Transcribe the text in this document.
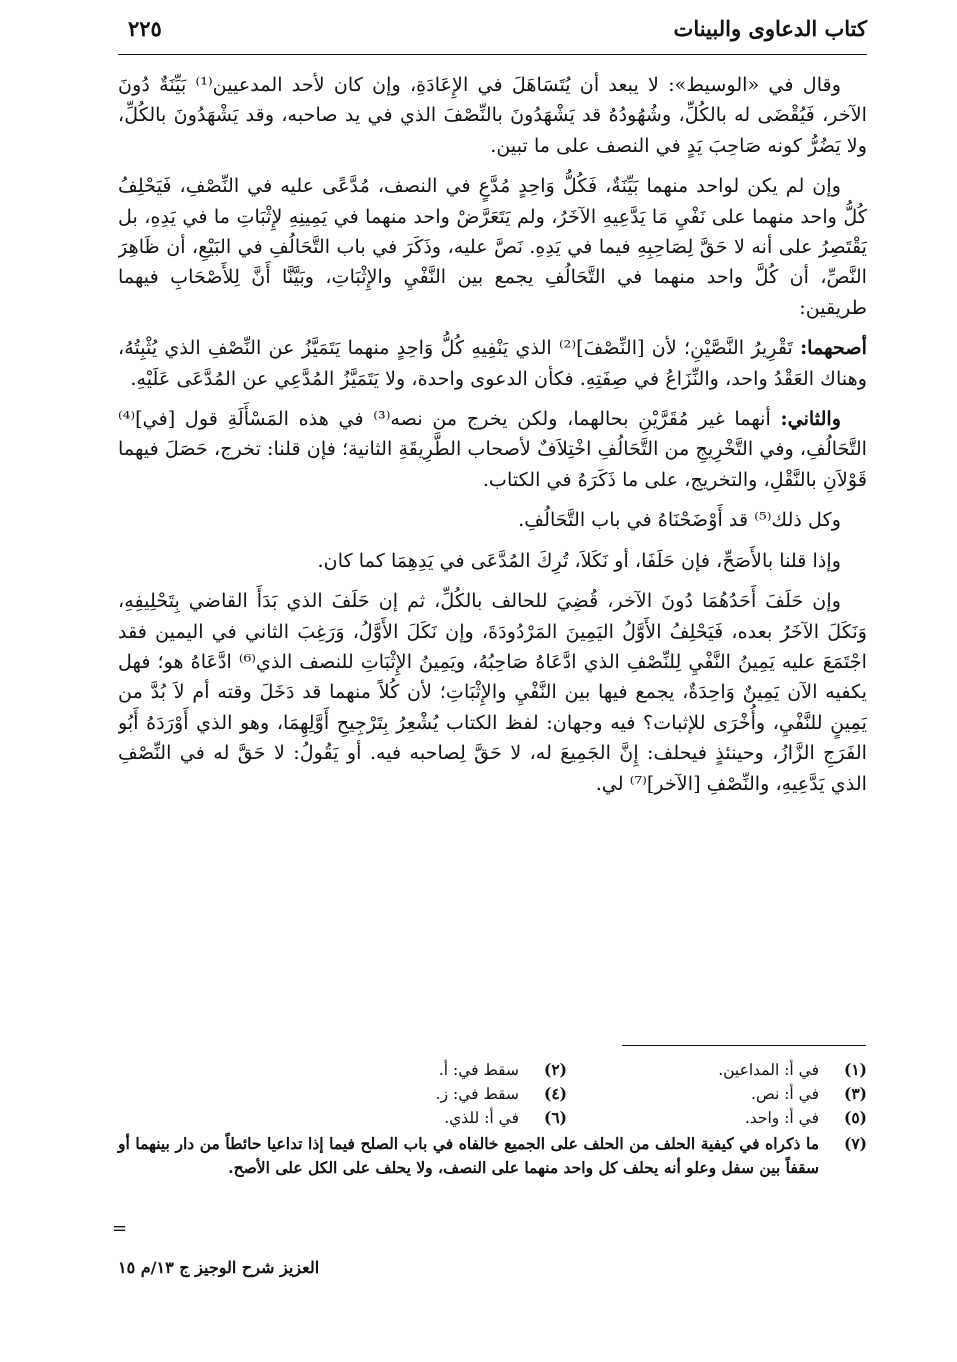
كتاب الدعاوى والبينات
٢٢٥

وقال في «الوسيط»: لا يبعد أن يُتَسَاهَلَ في الإِعَادَةِ، وإن كان لأحد المدعيين⁽¹⁾ بَيِّنَةٌ دُونَ الآخر، فَيُقْضَى له بالكُلِّ، وشُهُودُهُ قد يَشْهَدُونَ بالنِّصْفَ الذي في يد صاحبه، وقد يَشْهَدُونَ بالكُلِّ، ولا يَضُرُّ كونه صَاحِبَ يَدٍ في النصف على ما تبين.

وإن لم يكن لواحد منهما بَيِّنَةٌ، فَكُلُّ وَاحِدٍ مُدَّعٍ في النصف، مُدَّعًى عليه في النِّصْفِ، فَيَحْلِفُ كُلُّ واحد منهما على نَفْيِ مَا يَدَّعِيهِ الآخَرُ، ولم يَتَعَرَّضْ واحد منهما في يَمِينِهِ لإِثْبَاتِ ما في يَدِهِ، بل يَقْتَصِرُ على أنه لا حَقَّ لِصَاحِبِهِ فيما في يَدِهِ. نَصَّ عليه، وذَكَرَ في باب التَّحَالُفِ في البَيْعِ، أن ظَاهِرَ النَّصِّ، أن كُلَّ واحد منهما في التَّحَالُفِ يجمع بين النَّفْيِ والإِثْبَاتِ، وبَيَّنَّا أَنَّ لِلأَصْحَابِ فيهما طريقين:

أصحهما: تَقْرِيرُ النَّصَّيْنِ؛ لأن [النِّصْفَ]⁽²⁾ الذي يَنْفِيهِ كُلُّ وَاحِدٍ منهما يَتَمَيَّزُ عن النِّصْفِ الذي يُثْبِتُهُ، وهناك العَقْدُ واحد، والنِّزَاعُ في صِفَتِهِ. فكأن الدعوى واحدة، ولا يَتَمَيَّزُ المُدَّعِي عن المُدَّعَى عَلَيْهِ.

والثاني: أنهما غير مُقَرَّيْنِ بحالهما، ولكن يخرج من نصه⁽³⁾ في هذه المَسْأَلَةِ قول [في]⁽⁴⁾ التَّحَالُفِ، وفي التَّخْرِيجِ من التَّحَالُفِ اخْتِلاَفٌ لأصحاب الطَّرِيقَةِ الثانية؛ فإن قلنا: تخرج، حَصَلَ فيهما قَوْلاَنِ بالنَّقْلِ، والتخريج، على ما ذَكَرَهُ في الكتاب.

وكل ذلك⁽⁵⁾ قد أَوْضَحْنَاهُ في باب التَّحَالُفِ.

وإذا قلنا بالأَصَحِّ، فإن حَلَفَا، أو نَكَلاَ، تُرِكَ المُدَّعَى في يَدِهِمَا كما كان.

وإن حَلَفَ أَحَدُهُمَا دُونَ الآخر، قُضِيَ للحالف بالكُلِّ، ثم إن حَلَفَ الذي بَدَأَ القاضي بِتَحْلِيفِهِ، وَنَكَلَ الآخَرُ بعده، فَيَحْلِفُ الأَوَّلُ اليَمِينَ المَرْدُودَةَ، وإن نَكَلَ الأَوَّلُ، وَرَغِبَ الثاني في اليمين فقد اجْتَمَعَ عليه يَمِينُ النَّفْيِ لِلنِّصْفِ الذي ادَّعَاهُ صَاحِبُهُ، ويَمِينُ الإِثْبَاتِ للنصف الذي⁽⁶⁾ ادَّعَاهُ هو؛ فهل يكفيه الآن يَمِينٌ وَاحِدَةٌ، يجمع فيها بين النَّفْيِ والإِثْبَاتِ؛ لأن كُلاً منهما قد دَخَلَ وقته أم لاَ بُدَّ من يَمِينٍ للنَّفْيِ، وأُخْرَى للإثبات؟ فيه وجهان: لفظ الكتاب يُشْعِرُ بِتَرْجِيحِ أَوَّلِهِمَا، وهو الذي أَوْرَدَهُ أَبُو الفَرَجِ الزَّازُ، وحينئذٍ فيحلف: إِنَّ الجَمِيعَ له، لا حَقَّ لِصاحبه فيه. أو يَقُولُ: لا حَقَّ له في النِّصْفِ الذي يَدَّعِيهِ، والنِّصْفِ [الآخر]⁽⁷⁾ لي.

(١)في أ: المداعين.
(٢)سقط في: أ.
(٣)في أ: نص.
(٤)سقط في: ز.
(٥)في أ: واحد.
(٦)في أ: للذي.
(٧)
ما ذكراه في كيفية الحلف من الحلف على الجميع خالفاه في باب الصلح فيما إذا تداعيا حائطاً من دار بينهما أو سقفاً بين سفل وعلو أنه يحلف كل واحد منهما على النصف، ولا يحلف على الكل على الأصح.
=
العزيز شرح الوجيز ج ١٣/م ١٥
